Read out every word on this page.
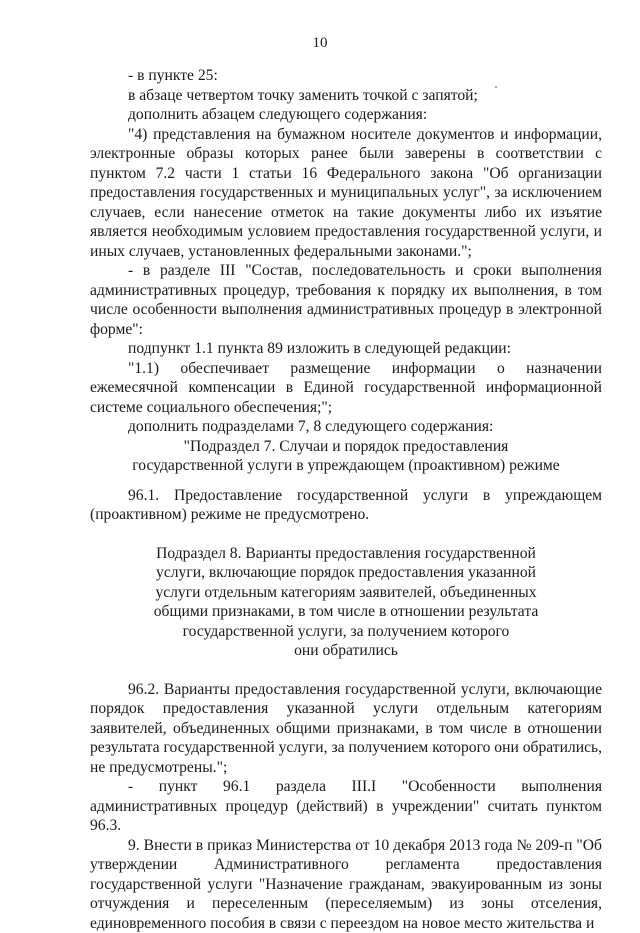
10

- в пункте 25:

в абзаце четвертом точку заменить точкой с запятой;

дополнить абзацем следующего содержания:

"4) представления на бумажном носителе документов и информации, электронные образы которых ранее были заверены в соответствии с пунктом 7.2 части 1 статьи 16 Федерального закона "Об организации предоставления государственных и муниципальных услуг", за исключением случаев, если нанесение отметок на такие документы либо их изъятие является необходимым условием предоставления государственной услуги, и иных случаев, установленных федеральными законами.";

- в разделе III "Состав, последовательность и сроки выполнения административных процедур, требования к порядку их выполнения, в том числе особенности выполнения административных процедур в электронной форме":

подпункт 1.1 пункта 89 изложить в следующей редакции:

"1.1) обеспечивает размещение информации о назначении ежемесячной компенсации в Единой государственной информационной системе социального обеспечения;";

дополнить подразделами 7, 8 следующего содержания:

"Подраздел 7. Случаи и порядок предоставления

государственной услуги в упреждающем (проактивном) режиме

96.1. Предоставление государственной услуги в упреждающем (проактивном) режиме не предусмотрено.

Подраздел 8. Варианты предоставления государственной

услуги, включающие порядок предоставления указанной

услуги отдельным категориям заявителей, объединенных

общими признаками, в том числе в отношении результата

государственной услуги, за получением которого

они обратились

96.2. Варианты предоставления государственной услуги, включающие порядок предоставления указанной услуги отдельным категориям заявителей, объединенных общими признаками, в том числе в отношении результата государственной услуги, за получением которого они обратились, не предусмотрены.";

- пункт 96.1 раздела III.I "Особенности выполнения административных процедур (действий) в учреждении" считать пунктом 96.3.

9. Внести в приказ Министерства от 10 декабря 2013 года № 209-п "Об утверждении Административного регламента предоставления государственной услуги "Назначение гражданам, эвакуированным из зоны отчуждения и переселенным (переселяемым) из зоны отселения, единовременного пособия в связи с переездом на новое место жительства и
